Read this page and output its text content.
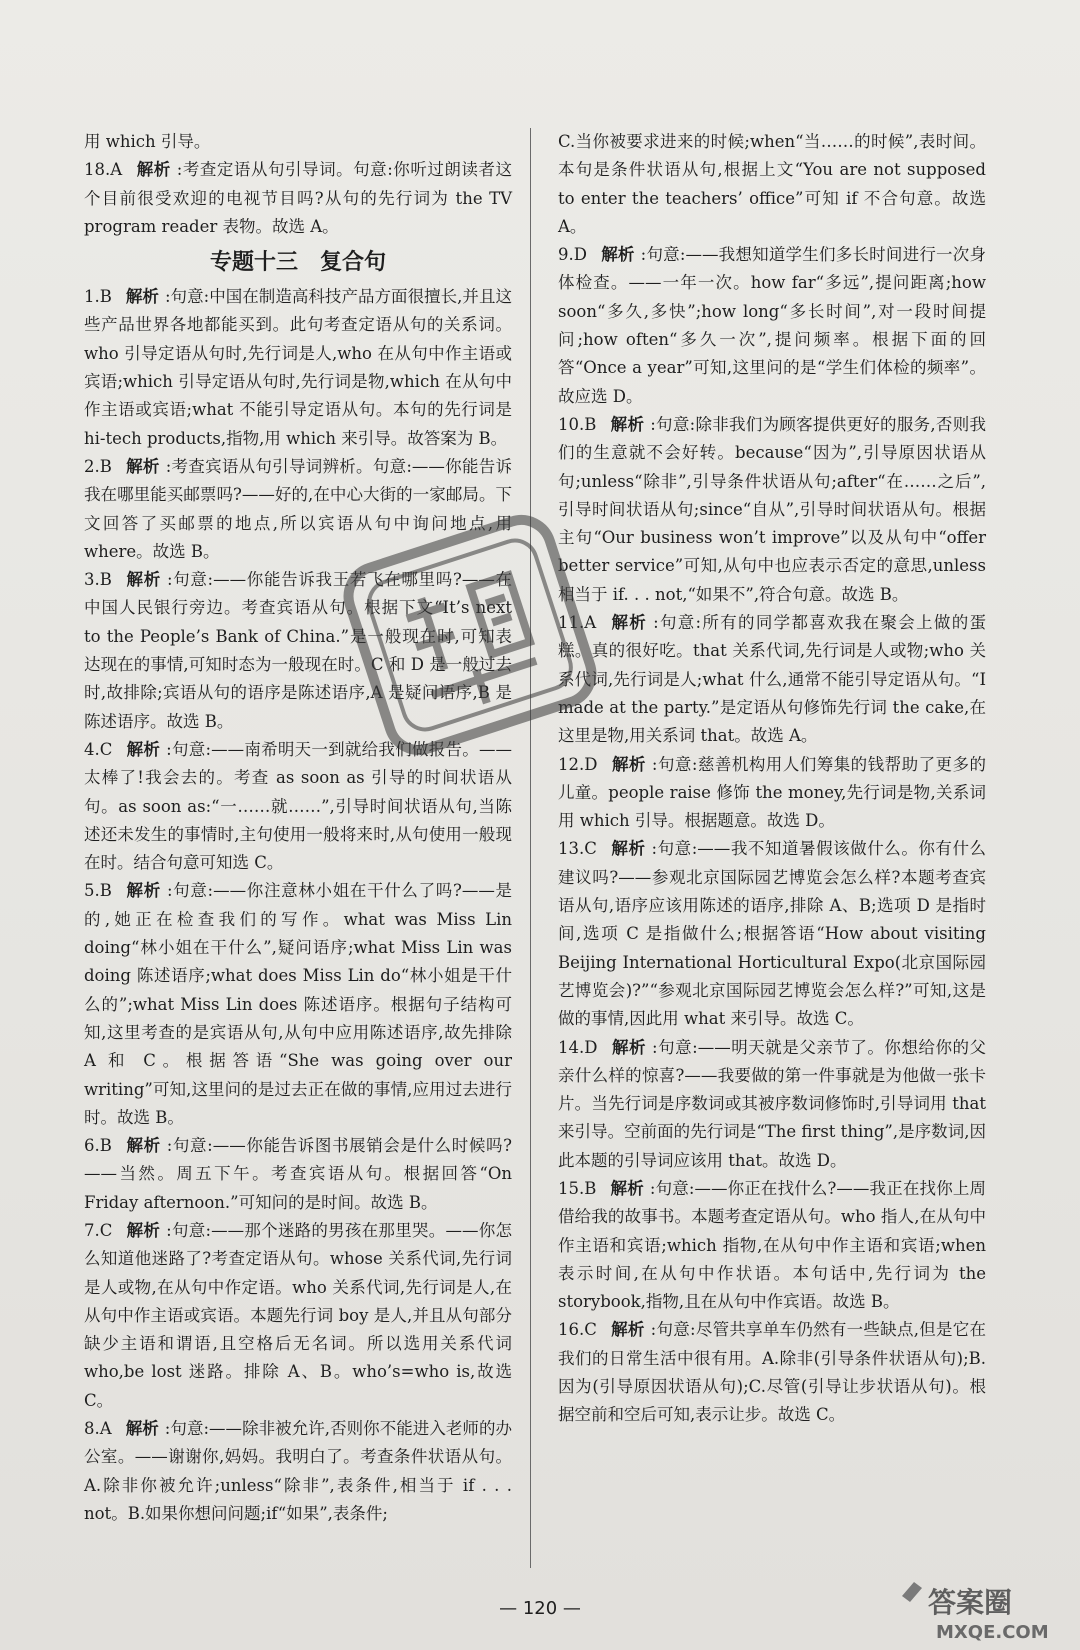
用 which 引导。

18.A 解析 :考查定语从句引导词。句意:你听过朗读者这个目前很受欢迎的电视节目吗?从句的先行词为 the TV program reader 表物。故选 A。

专题十三　复合句

1.B 解析 :句意:中国在制造高科技产品方面很擅长,并且这些产品世界各地都能买到。此句考查定语从句的关系词。who 引导定语从句时,先行词是人,who 在从句中作主语或宾语;which 引导定语从句时,先行词是物,which 在从句中作主语或宾语;what 不能引导定语从句。本句的先行词是 hi-tech products,指物,用 which 来引导。故答案为 B。

2.B 解析 :考查宾语从句引导词辨析。句意:——你能告诉我在哪里能买邮票吗?——好的,在中心大街的一家邮局。下文回答了买邮票的地点,所以宾语从句中询问地点,用 where。故选 B。

3.B 解析 :句意:——你能告诉我王若飞在哪里吗?——在中国人民银行旁边。考查宾语从句。根据下文“It’s next to the People’s Bank of China.”是一般现在时,可知表达现在的事情,可知时态为一般现在时。C 和 D 是一般过去时,故排除;宾语从句的语序是陈述语序,A 是疑问语序,B 是陈述语序。故选 B。

4.C 解析 :句意:——南希明天一到就给我们做报告。——太棒了!我会去的。考查 as soon as 引导的时间状语从句。as soon as:“一……就……”,引导时间状语从句,当陈述还未发生的事情时,主句使用一般将来时,从句使用一般现在时。结合句意可知选 C。

5.B 解析 :句意:——你注意林小姐在干什么了吗?——是的,她正在检查我们的写作。what was Miss Lin doing“林小姐在干什么”,疑问语序;what Miss Lin was doing 陈述语序;what does Miss Lin do“林小姐是干什么的”;what Miss Lin does 陈述语序。根据句子结构可知,这里考查的是宾语从句,从句中应用陈述语序,故先排除 A 和 C。根据答语“She was going over our writing”可知,这里问的是过去正在做的事情,应用过去进行时。故选 B。

6.B 解析 :句意:——你能告诉图书展销会是什么时候吗?——当然。周五下午。考查宾语从句。根据回答“On Friday afternoon.”可知问的是时间。故选 B。

7.C 解析 :句意:——那个迷路的男孩在那里哭。——你怎么知道他迷路了?考查定语从句。whose 关系代词,先行词是人或物,在从句中作定语。who 关系代词,先行词是人,在从句中作主语或宾语。本题先行词 boy 是人,并且从句部分缺少主语和谓语,且空格后无名词。所以选用关系代词 who,be lost 迷路。排除 A、B。who’s=who is,故选 C。

8.A 解析 :句意:——除非被允许,否则你不能进入老师的办公室。——谢谢你,妈妈。我明白了。考查条件状语从句。A.除非你被允许;unless“除非”,表条件,相当于 if . . . not。B.如果你想问问题;if“如果”,表条件;

C.当你被要求进来的时候;when“当……的时候”,表时间。本句是条件状语从句,根据上文“You are not supposed to enter the teachers’ office”可知 if 不合句意。故选 A。

9.D 解析 :句意:——我想知道学生们多长时间进行一次身体检查。——一年一次。how far“多远”,提问距离;how soon“多久,多快”;how long“多长时间”,对一段时间提问;how often“多久一次”,提问频率。根据下面的回答“Once a year”可知,这里问的是“学生们体检的频率”。故应选 D。

10.B 解析 :句意:除非我们为顾客提供更好的服务,否则我们的生意就不会好转。because“因为”,引导原因状语从句;unless“除非”,引导条件状语从句;after“在……之后”,引导时间状语从句;since“自从”,引导时间状语从句。根据主句“Our business won’t improve”以及从句中“offer better service”可知,从句中也应表示否定的意思,unless 相当于 if. . . not,“如果不”,符合句意。故选 B。

11.A 解析 :句意:所有的同学都喜欢我在聚会上做的蛋糕。真的很好吃。that 关系代词,先行词是人或物;who 关系代词,先行词是人;what 什么,通常不能引导定语从句。“I made at the party.”是定语从句修饰先行词 the cake,在这里是物,用关系词 that。故选 A。

12.D 解析 :句意:慈善机构用人们筹集的钱帮助了更多的儿童。people raise 修饰 the money,先行词是物,关系词用 which 引导。根据题意。故选 D。

13.C 解析 :句意:——我不知道暑假该做什么。你有什么建议吗?——参观北京国际园艺博览会怎么样?本题考查宾语从句,语序应该用陈述的语序,排除 A、B;选项 D 是指时间,选项 C 是指做什么;根据答语“How about visiting Beijing International Horticultural Expo(北京国际园艺博览会)?”“参观北京国际园艺博览会怎么样?”可知,这是做的事情,因此用 what 来引导。故选 C。

14.D 解析 :句意:——明天就是父亲节了。你想给你的父亲什么样的惊喜?——我要做的第一件事就是为他做一张卡片。当先行词是序数词或其被序数词修饰时,引导词用 that 来引导。空前面的先行词是“The first thing”,是序数词,因此本题的引导词应该用 that。故选 D。

15.B 解析 :句意:——你正在找什么?——我正在找你上周借给我的故事书。本题考查定语从句。who 指人,在从句中作主语和宾语;which 指物,在从句中作主语和宾语;when 表示时间,在从句中作状语。本句话中,先行词为 the storybook,指物,且在从句中作宾语。故选 B。

16.C 解析 :句意:尽管共享单车仍然有一些缺点,但是它在我们的日常生活中很有用。A.除非(引导条件状语从句);B.因为(引导原因状语从句);C.尽管(引导让步状语从句)。根据空前和空后可知,表示让步。故选 C。

— 120 —	答案圈
MXQE.COM
